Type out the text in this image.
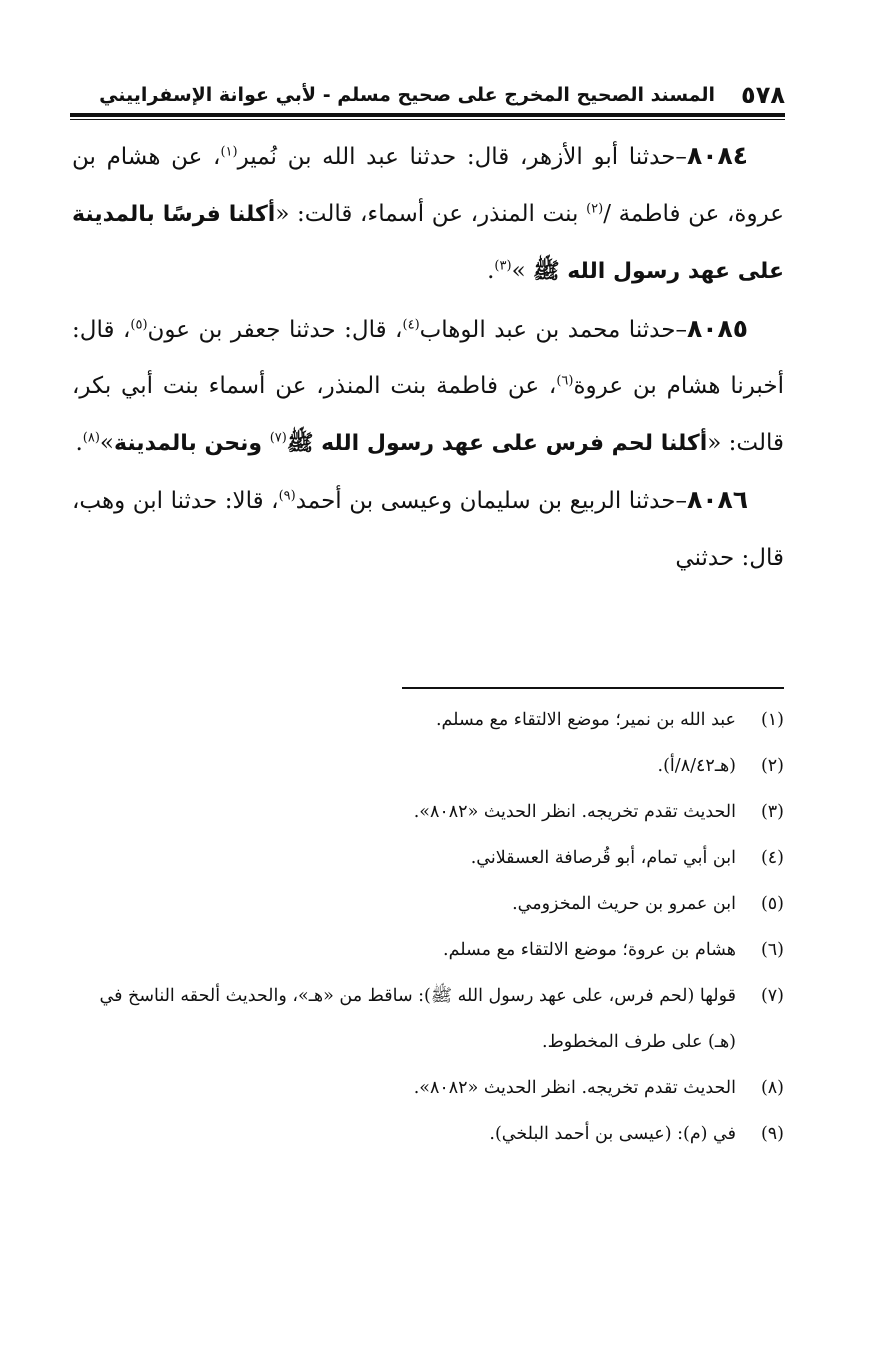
٥٧٨
المسند الصحيح المخرج على صحيح مسلم - لأبي عوانة الإسفراييني

٨٠٨٤–حدثنا أبو الأزهر، قال: حدثنا عبد الله بن نُمير$^{(١)}$، عن هشام بن عروة، عن فاطمة /$^{(٢)}$ بنت المنذر، عن أسماء، قالت: «أكلنا فرسًا بالمدينة على عهد رسول الله ﷺ »$^{(٣)}$.

٨٠٨٥–حدثنا محمد بن عبد الوهاب$^{(٤)}$، قال: حدثنا جعفر بن عون$^{(٥)}$، قال: أخبرنا هشام بن عروة$^{(٦)}$، عن فاطمة بنت المنذر، عن أسماء بنت أبي بكر، قالت: «أكلنا لحم فرس على عهد رسول الله ﷺ$^{(٧)}$ ونحن بالمدينة»$^{(٨)}$.

٨٠٨٦–حدثنا الربيع بن سليمان وعيسى بن أحمد$^{(٩)}$، قالا: حدثنا ابن وهب، قال: حدثني

(١)
عبد الله بن نمير؛ موضع الالتقاء مع مسلم.
(٢)
(هـ٨/٤٢/أ).
(٣)
الحديث تقدم تخريجه. انظر الحديث «٨٠٨٢».
(٤)
ابن أبي تمام، أبو قُرصافة العسقلاني.
(٥)
ابن عمرو بن حريث المخزومي.
(٦)
هشام بن عروة؛ موضع الالتقاء مع مسلم.
(٧)
قولها (لحم فرس، على عهد رسول الله ﷺ): ساقط من «هـ»، والحديث ألحقه الناسخ في (هـ) على طرف المخطوط.
(٨)
الحديث تقدم تخريجه. انظر الحديث «٨٠٨٢».
(٩)
في (م): (عيسى بن أحمد البلخي).
